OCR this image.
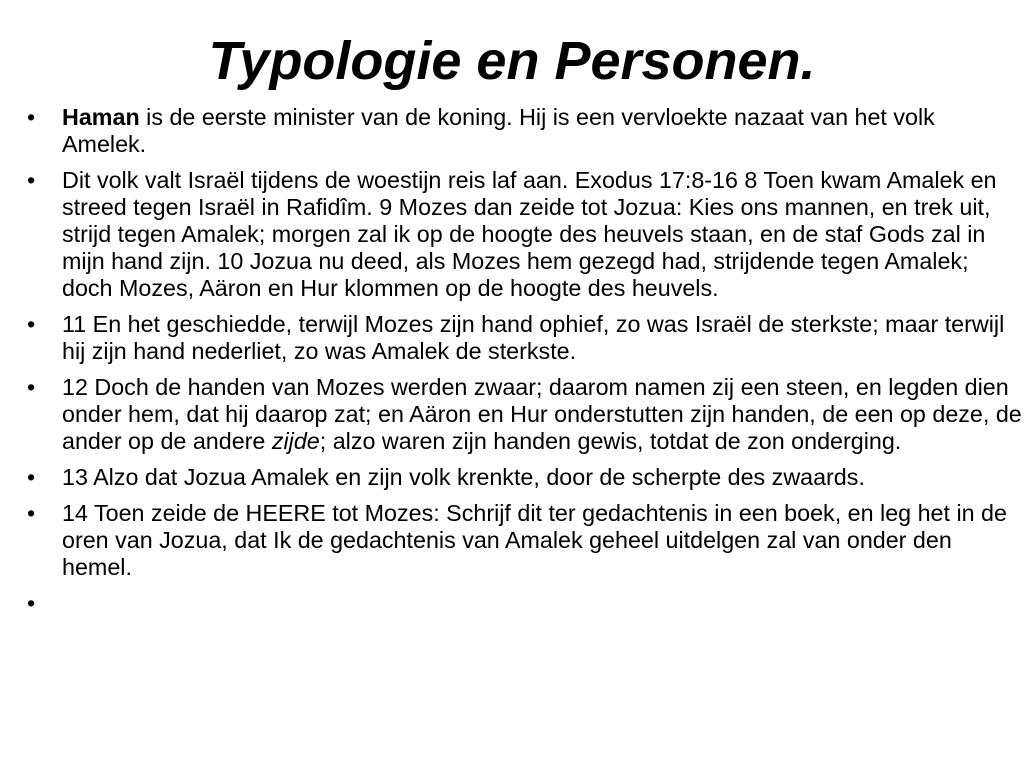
Typologie en Personen.
•	Haman is de eerste minister van de koning. Hij is een vervloekte nazaat van het volk Amelek.
•	Dit volk valt Israël tijdens de woestijn reis laf aan. Exodus 17:8-16 8 Toen kwam Amalek en streed tegen Israël in Rafidîm. 9 Mozes dan zeide tot Jozua: Kies ons mannen, en trek uit, strijd tegen Amalek; morgen zal ik op de hoogte des heuvels staan, en de staf Gods zal in mijn hand zijn. 10 Jozua nu deed, als Mozes hem gezegd had, strijdende tegen Amalek; doch Mozes, Aäron en Hur klommen op de hoogte des heuvels.
•	11 En het geschiedde, terwijl Mozes zijn hand ophief, zo was Israël de sterkste; maar terwijl hij zijn hand nederliet, zo was Amalek de sterkste.
•	12 Doch de handen van Mozes werden zwaar; daarom namen zij een steen, en legden dien onder hem, dat hij daarop zat; en Aäron en Hur onderstutten zijn handen, de een op deze, de ander op de andere zijde; alzo waren zijn handen gewis, totdat de zon onderging.
•	13 Alzo dat Jozua Amalek en zijn volk krenkte, door de scherpte des zwaards.
•	14 Toen zeide de HEERE tot Mozes: Schrijf dit ter gedachtenis in een boek, en leg het in de oren van Jozua, dat Ik de gedachtenis van Amalek geheel uitdelgen zal van onder den hemel.
•
